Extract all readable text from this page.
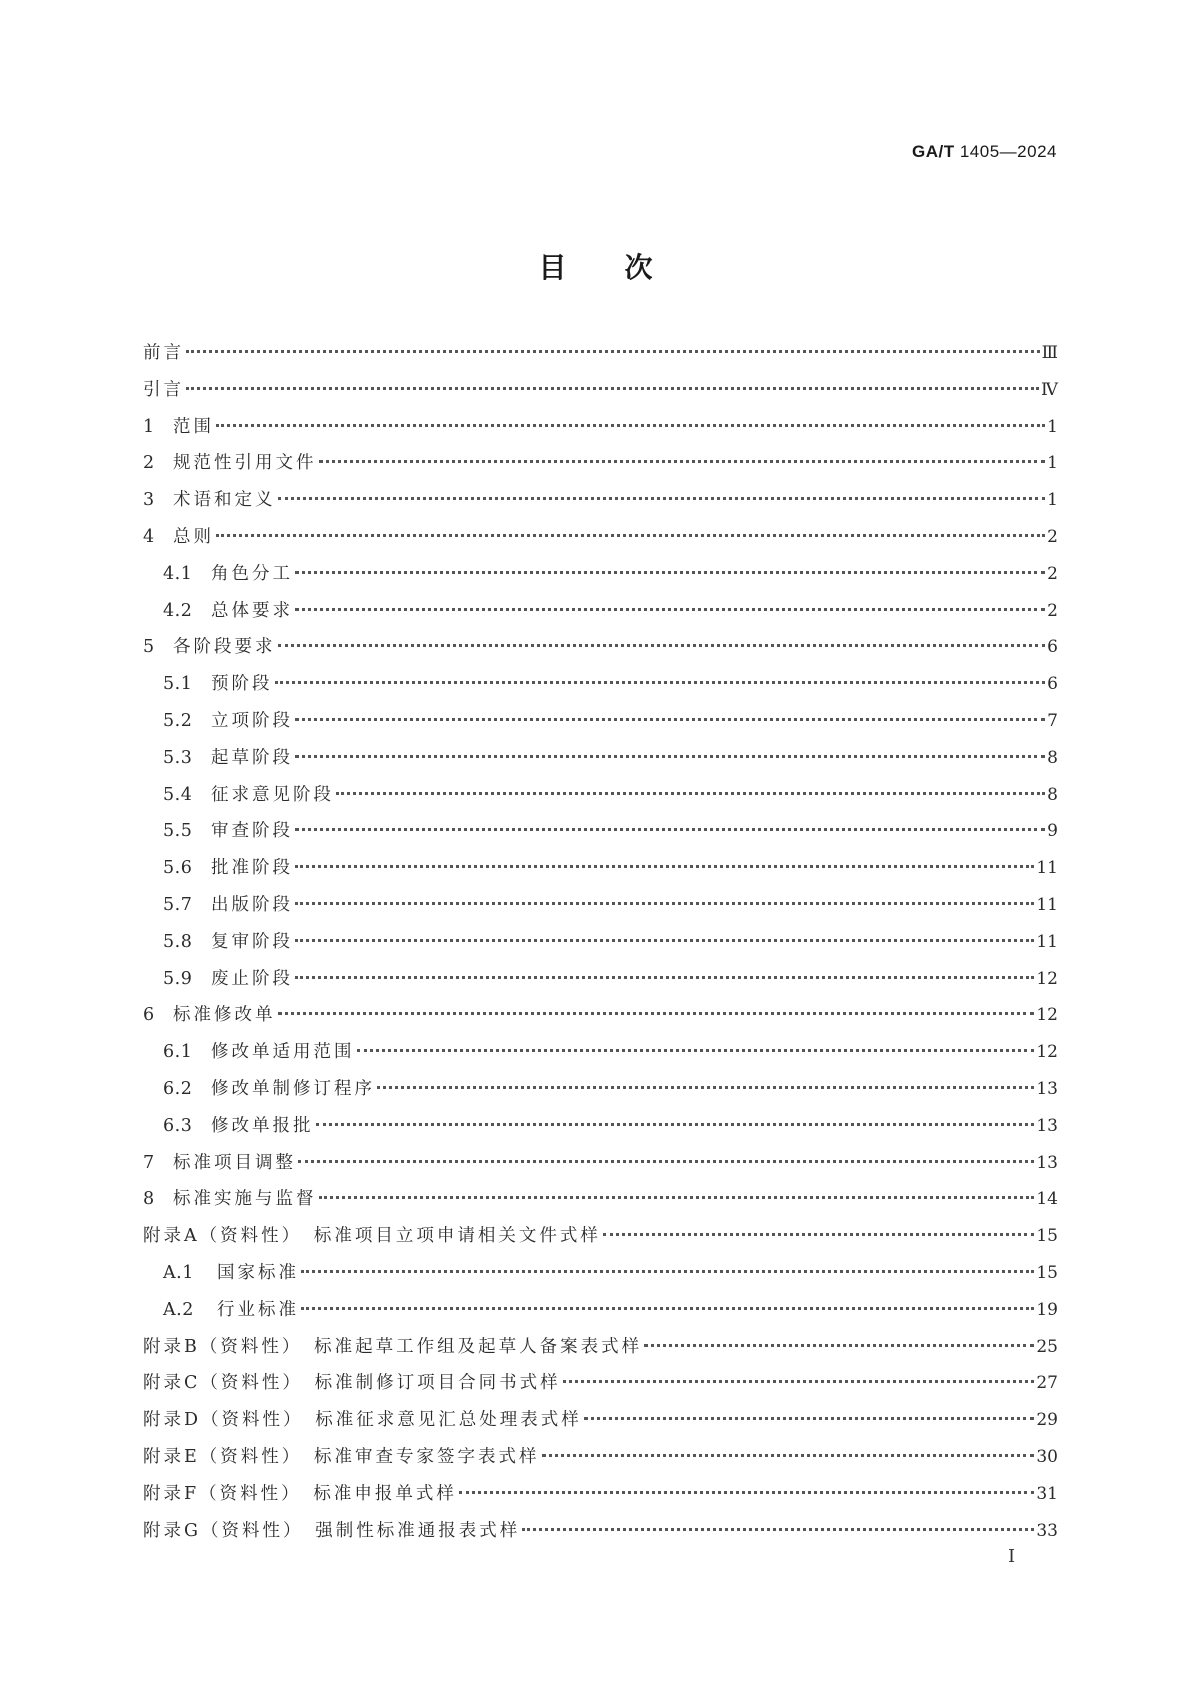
GA/T 1405—2024
目次
前言	Ⅲ
引言	Ⅳ
1	范围	1
2	规范性引用文件	1
3	术语和定义	1
4	总则	2
4.1	角色分工	2
4.2	总体要求	2
5	各阶段要求	6
5.1	预阶段	6
5.2	立项阶段	7
5.3	起草阶段	8
5.4	征求意见阶段	8
5.5	审查阶段	9
5.6	批准阶段	11
5.7	出版阶段	11
5.8	复审阶段	11
5.9	废止阶段	12
6	标准修改单	12
6.1	修改单适用范围	12
6.2	修改单制修订程序	13
6.3	修改单报批	13
7	标准项目调整	13
8	标准实施与监督	14
附录A（资料性）　标准项目立项申请相关文件式样	15
A.1	国家标准	15
A.2	行业标准	19
附录B（资料性）　标准起草工作组及起草人备案表式样	25
附录C（资料性）　标准制修订项目合同书式样	27
附录D（资料性）　标准征求意见汇总处理表式样	29
附录E（资料性）　标准审查专家签字表式样	30
附录F（资料性）　标准申报单式样	31
附录G（资料性）　强制性标准通报表式样	33
I
